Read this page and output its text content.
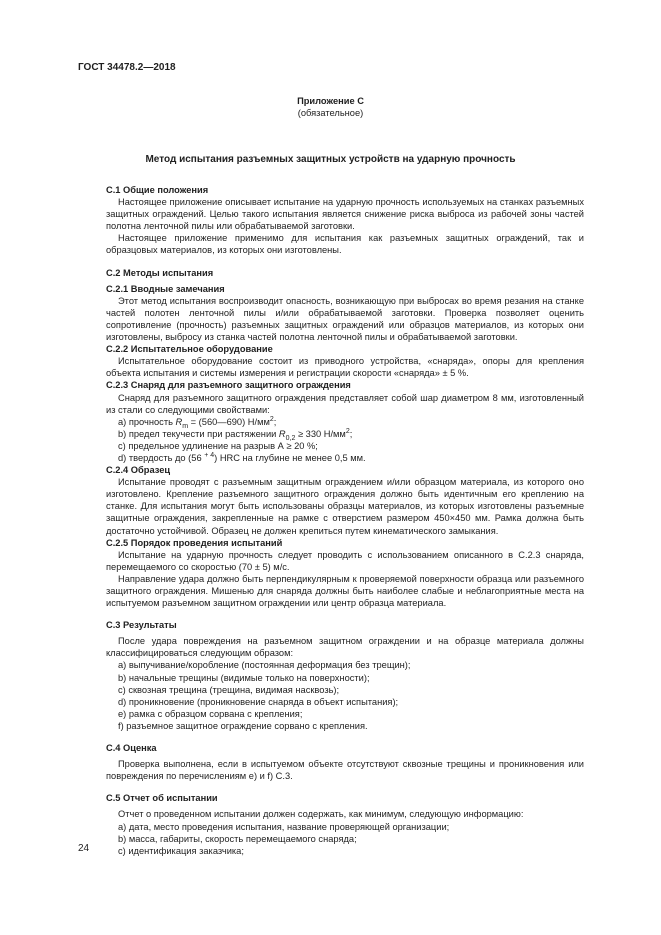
ГОСТ 34478.2—2018
Приложение С
(обязательное)
Метод испытания разъемных защитных устройств на ударную прочность

С.1 Общие положения

Настоящее приложение описывает испытание на ударную прочность используемых на станках разъемных защитных ограждений. Целью такого испытания является снижение риска выброса из рабочей зоны частей полотна ленточной пилы или обрабатываемой заготовки.

Настоящее приложение применимо для испытания как разъемных защитных ограждений, так и образцовых материалов, из которых они изготовлены.

С.2 Методы испытания

С.2.1 Вводные замечания

Этот метод испытания воспроизводит опасность, возникающую при выбросах во время резания на станке частей полотен ленточной пилы и/или обрабатываемой заготовки. Проверка позволяет оценить сопротивление (прочность) разъемных защитных ограждений или образцов материалов, из которых они изготовлены, выбросу из станка частей полотна ленточной пилы и обрабатываемой заготовки.

С.2.2 Испытательное оборудование

Испытательное оборудование состоит из приводного устройства, «снаряда», опоры для крепления объекта испытания и системы измерения и регистрации скорости «снаряда» ± 5 %.

С.2.3 Снаряд для разъемного защитного ограждения

Снаряд для разъемного защитного ограждения представляет собой шар диаметром 8 мм, изготовленный из стали со следующими свойствами:

а) прочность $R_m$ = (560—690) $Н/мм^2$;

b) предел текучести при растяжении $R_{0,2} \ge 330$ $Н/мм^2$;

с) предельное удлинение на разрыв А ≥ 20 %;

d) твердость до (56 $^{+ 4}$) HRC на глубине не менее 0,5 мм.

С.2.4 Образец

Испытание проводят с разъемным защитным ограждением и/или образцом материала, из которого оно изготовлено. Крепление разъемного защитного ограждения должно быть идентичным его креплению на станке. Для испытания могут быть использованы образцы материалов, из которых изготовлены разъемные защитные ограждения, закрепленные на рамке с отверстием размером 450×450 мм. Рамка должна быть достаточно устойчивой. Образец не должен крепиться путем кинематического замыкания.

С.2.5 Порядок проведения испытаний

Испытание на ударную прочность следует проводить с использованием описанного в С.2.3 снаряда, перемещаемого со скоростью (70 ± 5) м/с.

Направление удара должно быть перпендикулярным к проверяемой поверхности образца или разъемного защитного ограждения. Мишенью для снаряда должны быть наиболее слабые и неблагоприятные места на испытуемом разъемном защитном ограждении или центр образца материала.

С.3 Результаты

После удара повреждения на разъемном защитном ограждении и на образце материала должны классифицироваться следующим образом:

а) выпучивание/коробление (постоянная деформация без трещин);

b) начальные трещины (видимые только на поверхности);

с) сквозная трещина (трещина, видимая насквозь);

d) проникновение (проникновение снаряда в объект испытания);

е) рамка с образцом сорвана с крепления;

f) разъемное защитное ограждение сорвано с крепления.

С.4 Оценка

Проверка выполнена, если в испытуемом объекте отсутствуют сквозные трещины и проникновения или повреждения по перечислениям е) и f) С.3.

С.5 Отчет об испытании

Отчет о проведенном испытании должен содержать, как минимум, следующую информацию:

а) дата, место проведения испытания, название проверяющей организации;

b) масса, габариты, скорость перемещаемого снаряда;

с) идентификация заказчика;

24
